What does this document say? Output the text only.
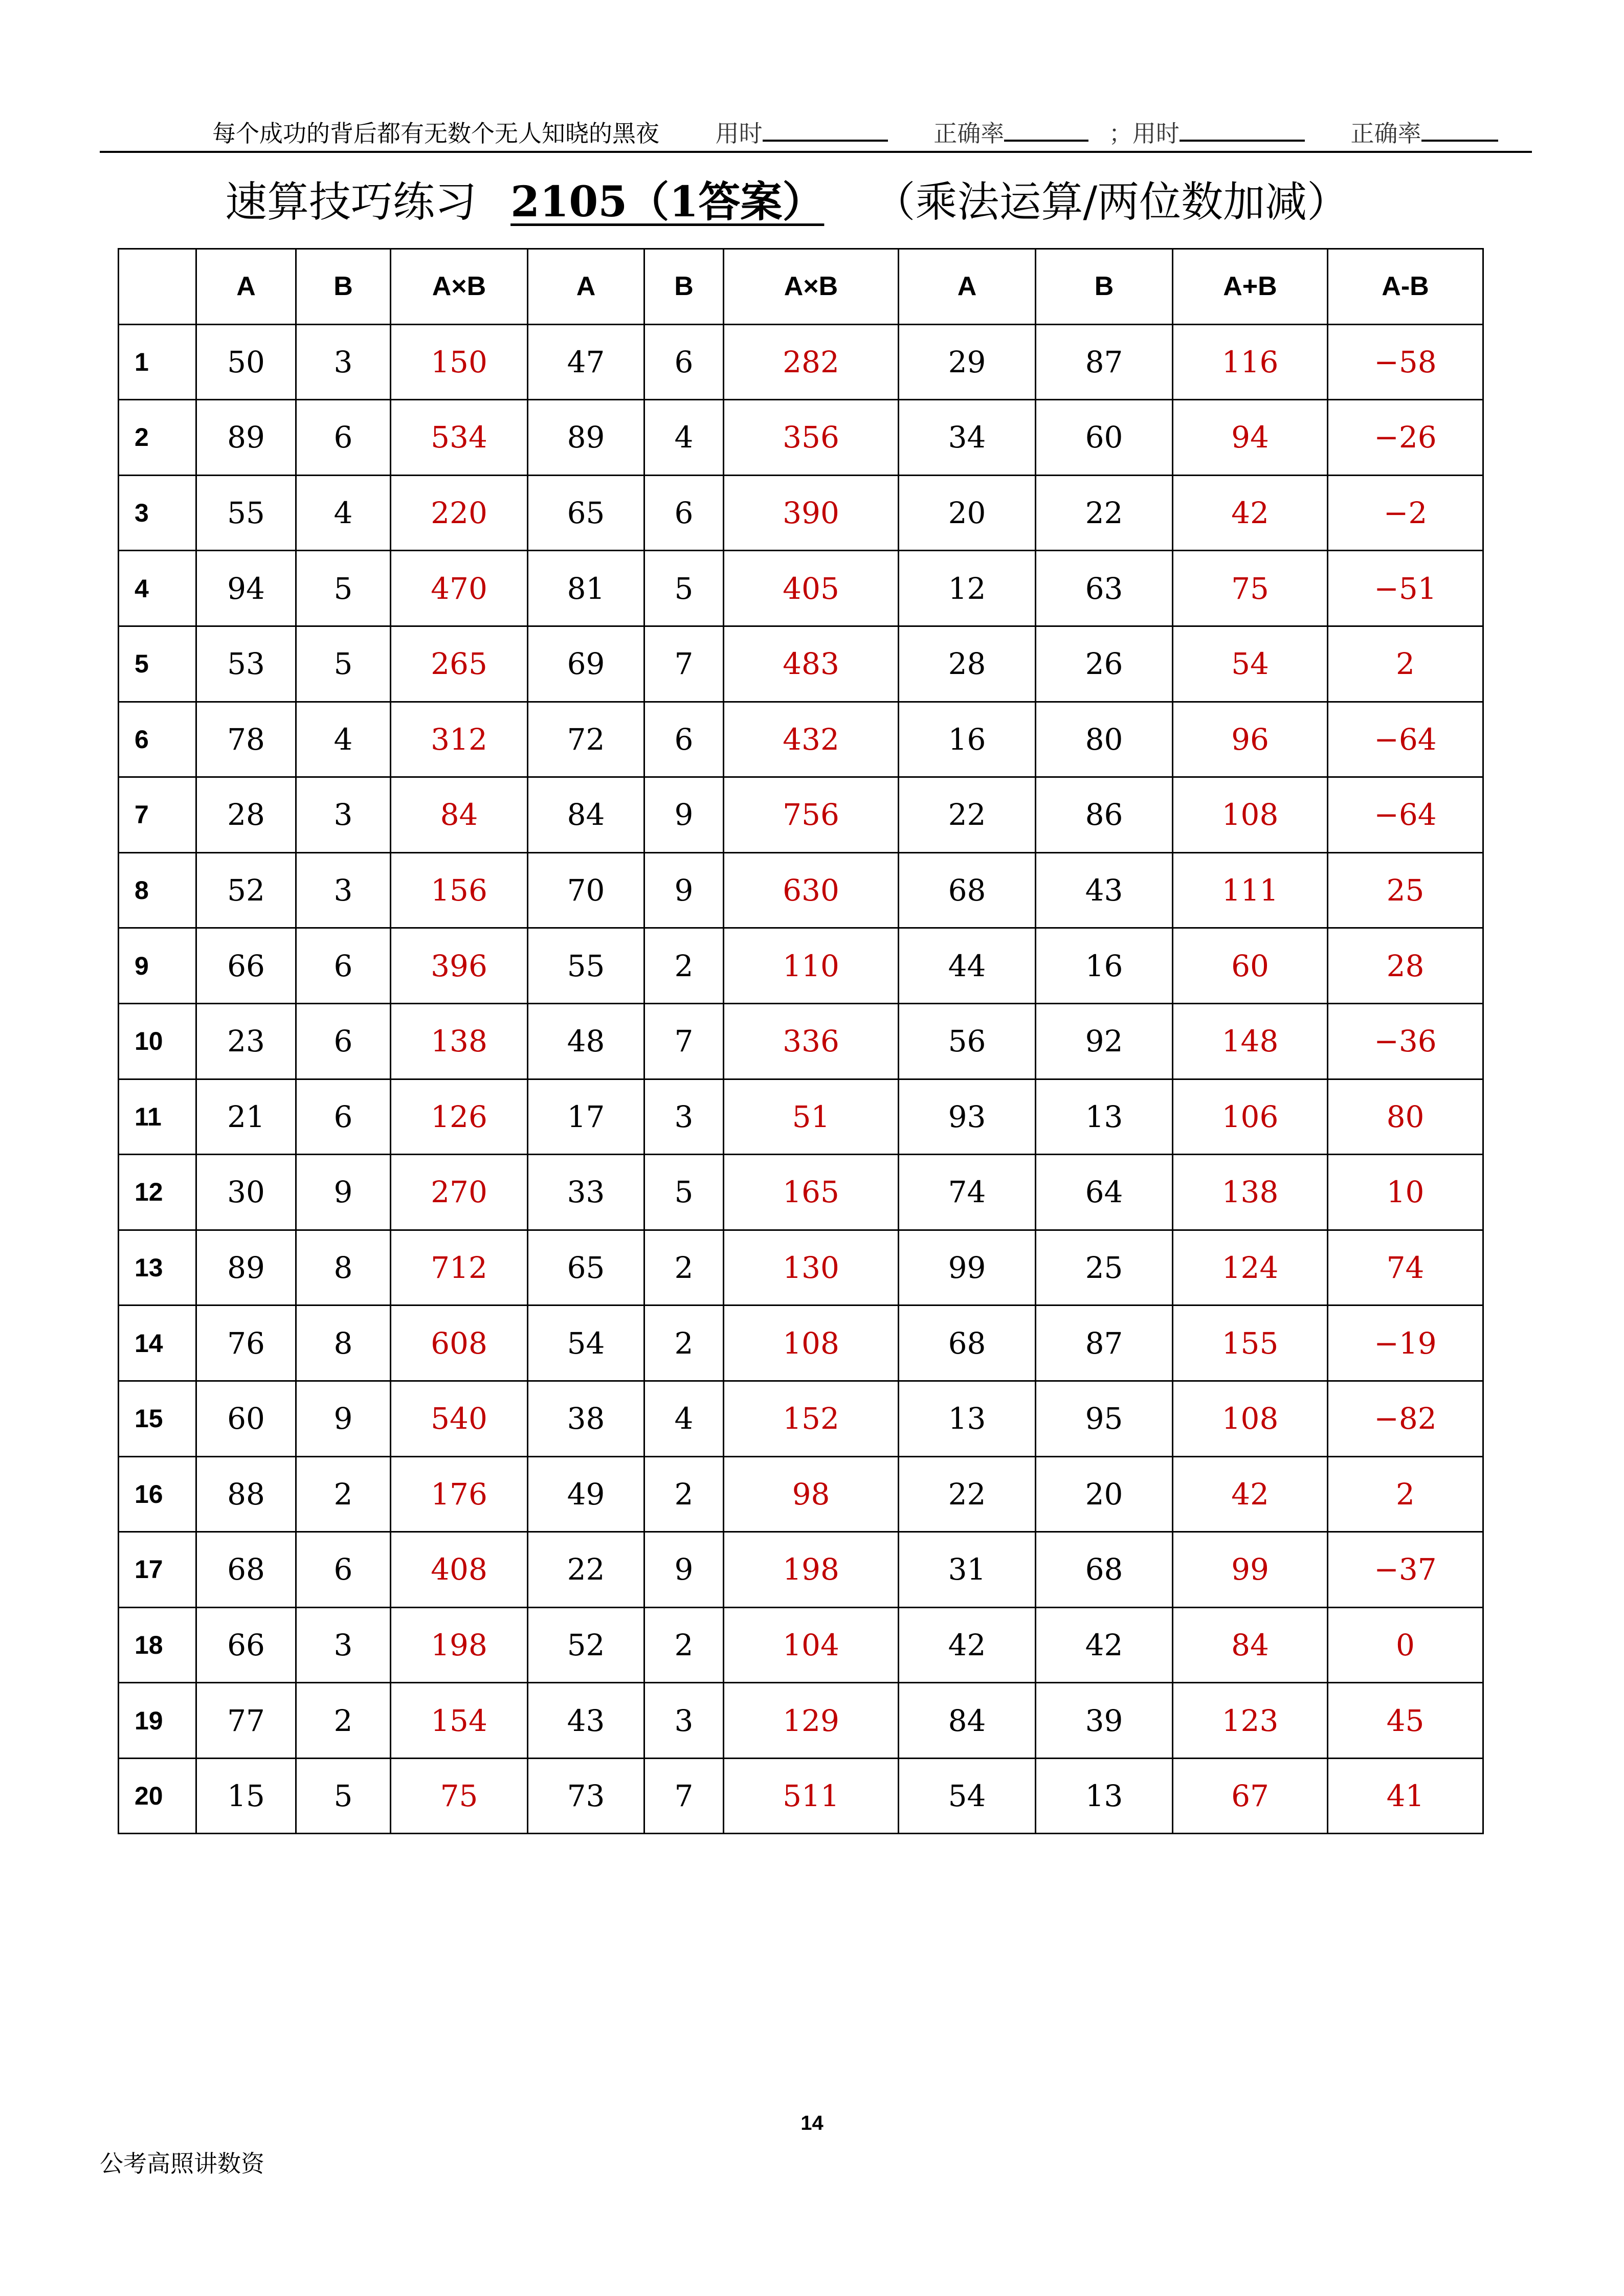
每个成功的背后都有无数个无人知晓的黑夜 用时	正确率	；用时	正确率
速算技巧练习 2105（1答案） （乘法运算/两位数加减）
	A	B	A×B	A	B	A×B	A	B	A+B	A-B
1	50	3	150	47	6	282	29	87	116	−58
2	89	6	534	89	4	356	34	60	94	−26
3	55	4	220	65	6	390	20	22	42	−2
4	94	5	470	81	5	405	12	63	75	−51
5	53	5	265	69	7	483	28	26	54	2
6	78	4	312	72	6	432	16	80	96	−64
7	28	3	84	84	9	756	22	86	108	−64
8	52	3	156	70	9	630	68	43	111	25
9	66	6	396	55	2	110	44	16	60	28
10	23	6	138	48	7	336	56	92	148	−36
11	21	6	126	17	3	51	93	13	106	80
12	30	9	270	33	5	165	74	64	138	10
13	89	8	712	65	2	130	99	25	124	74
14	76	8	608	54	2	108	68	87	155	−19
15	60	9	540	38	4	152	13	95	108	−82
16	88	2	176	49	2	98	22	20	42	2
17	68	6	408	22	9	198	31	68	99	−37
18	66	3	198	52	2	104	42	42	84	0
19	77	2	154	43	3	129	84	39	123	45
20	15	5	75	73	7	511	54	13	67	41
14
公考高照讲数资
